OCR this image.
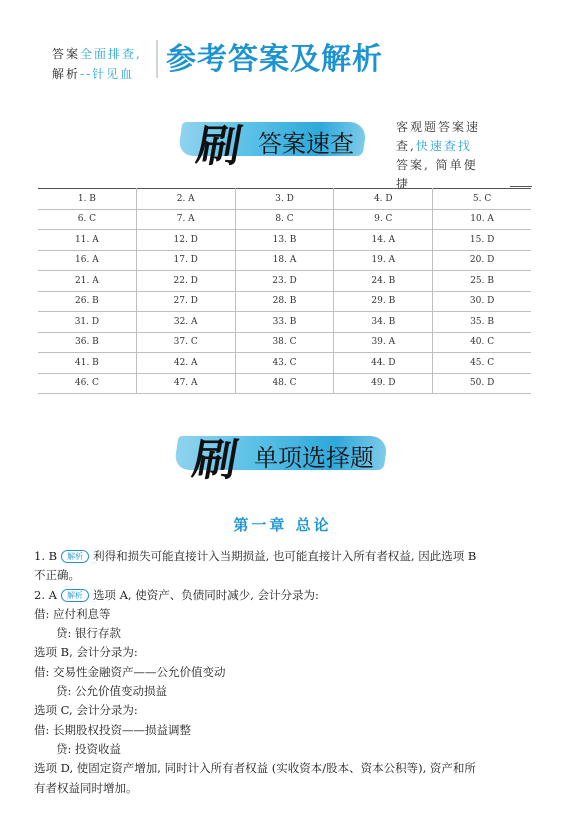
答案全面排查,
解析--针见血 参考答案及解析
刷 答案速查
客观题答案速
查,快速查找
答案, 简单便
捷
1. B	2. A	3. D	4. D	5. C
6. C	7. A	8. C	9. C	10. A
11. A	12. D	13. B	14. A	15. D
16. A	17. D	18. A	19. A	20. D
21. A	22. D	23. D	24. B	25. B
26. B	27. D	28. B	29. B	30. D
31. D	32. A	33. B	34. B	35. B
36. B	37. C	38. C	39. A	40. C
41. B	42. A	43. C	44. D	45. C
46. C	47. A	48. C	49. D	50. D
刷 单项选择题
第一章 总论
1. B 解析 利得和损失可能直接计入当期损益, 也可能直接计入所有者权益, 因此选项 B
不正确。
2. A 解析 选项 A, 使资产、负债同时减少, 会计分录为:
借: 应付利息等
贷: 银行存款
选项 B, 会计分录为:
借: 交易性金融资产——公允价值变动
贷: 公允价值变动损益
选项 C, 会计分录为:
借: 长期股权投资——损益调整
贷: 投资收益
选项 D, 使固定资产增加, 同时计入所有者权益 (实收资本/股本、资本公积等), 资产和所
有者权益同时增加。
